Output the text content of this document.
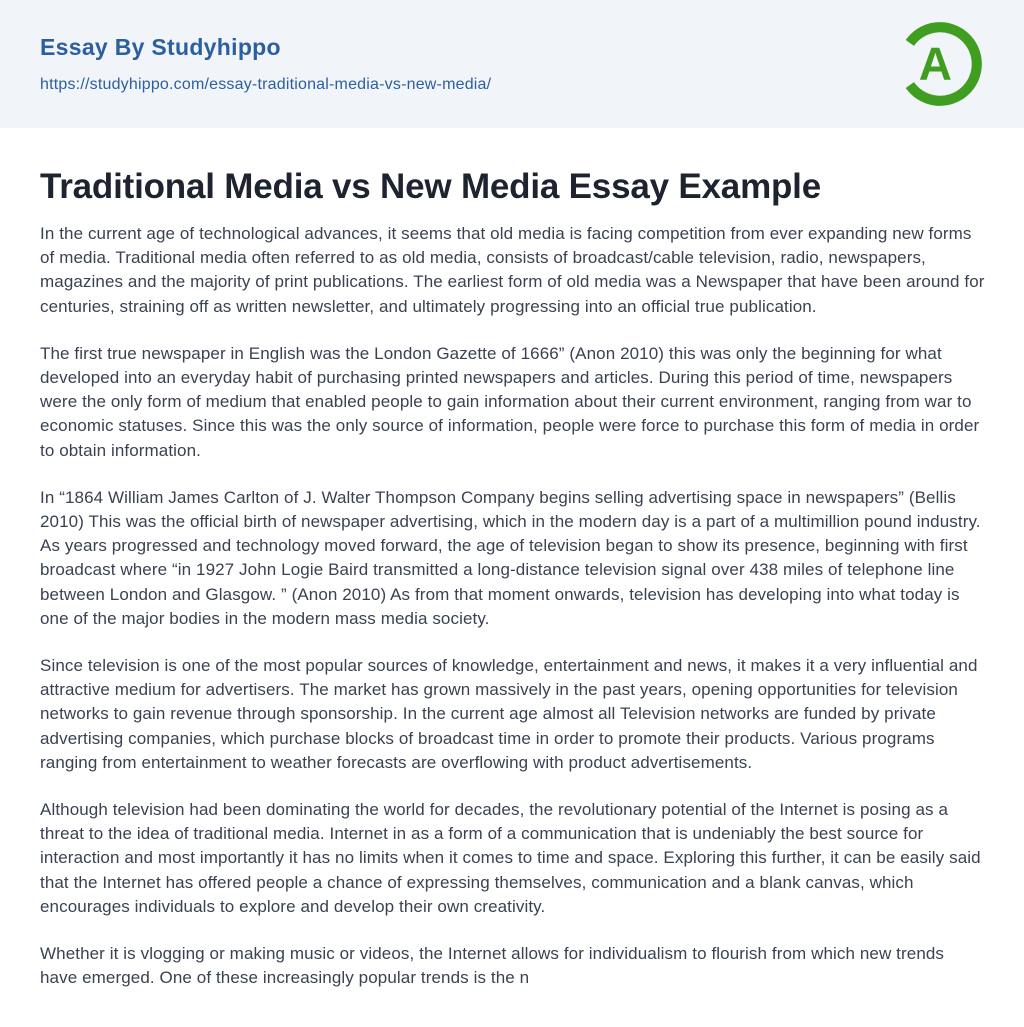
Essay By Studyhippo
https://studyhippo.com/essay-traditional-media-vs-new-media/	A
Traditional Media vs New Media Essay Example

In the current age of technological advances, it seems that old media is facing competition from ever expanding new forms of media. Traditional media often referred to as old media, consists of broadcast/cable television, radio, newspapers, magazines and the majority of print publications. The earliest form of old media was a Newspaper that have been around for centuries, straining off as written newsletter, and ultimately progressing into an official true publication.

The first true newspaper in English was the London Gazette of 1666” (Anon 2010) this was only the beginning for what developed into an everyday habit of purchasing printed newspapers and articles. During this period of time, newspapers were the only form of medium that enabled people to gain information about their current environment, ranging from war to economic statuses. Since this was the only source of information, people were force to purchase this form of media in order to obtain information.

In “1864 William James Carlton of J. Walter Thompson Company begins selling advertising space in newspapers” (Bellis 2010) This was the official birth of newspaper advertising, which in the modern day is a part of a multimillion pound industry. As years progressed and technology moved forward, the age of television began to show its presence, beginning with first broadcast where “in 1927 John Logie Baird transmitted a long-distance television signal over 438 miles of telephone line between London and Glasgow. ” (Anon 2010) As from that moment onwards, television has developing into what today is one of the major bodies in the modern mass media society.

Since television is one of the most popular sources of knowledge, entertainment and news, it makes it a very influential and attractive medium for advertisers. The market has grown massively in the past years, opening opportunities for television networks to gain revenue through sponsorship. In the current age almost all Television networks are funded by private advertising companies, which purchase blocks of broadcast time in order to promote their products. Various programs ranging from entertainment to weather forecasts are overflowing with product advertisements.

Although television had been dominating the world for decades, the revolutionary potential of the Internet is posing as a threat to the idea of traditional media. Internet in as a form of a communication that is undeniably the best source for interaction and most importantly it has no limits when it comes to time and space. Exploring this further, it can be easily said that the Internet has offered people a chance of expressing themselves, communication and a blank canvas, which encourages individuals to explore and develop their own creativity.

Whether it is vlogging or making music or videos, the Internet allows for individualism to flourish from which new trends have emerged. One of these increasingly popular trends is the n
